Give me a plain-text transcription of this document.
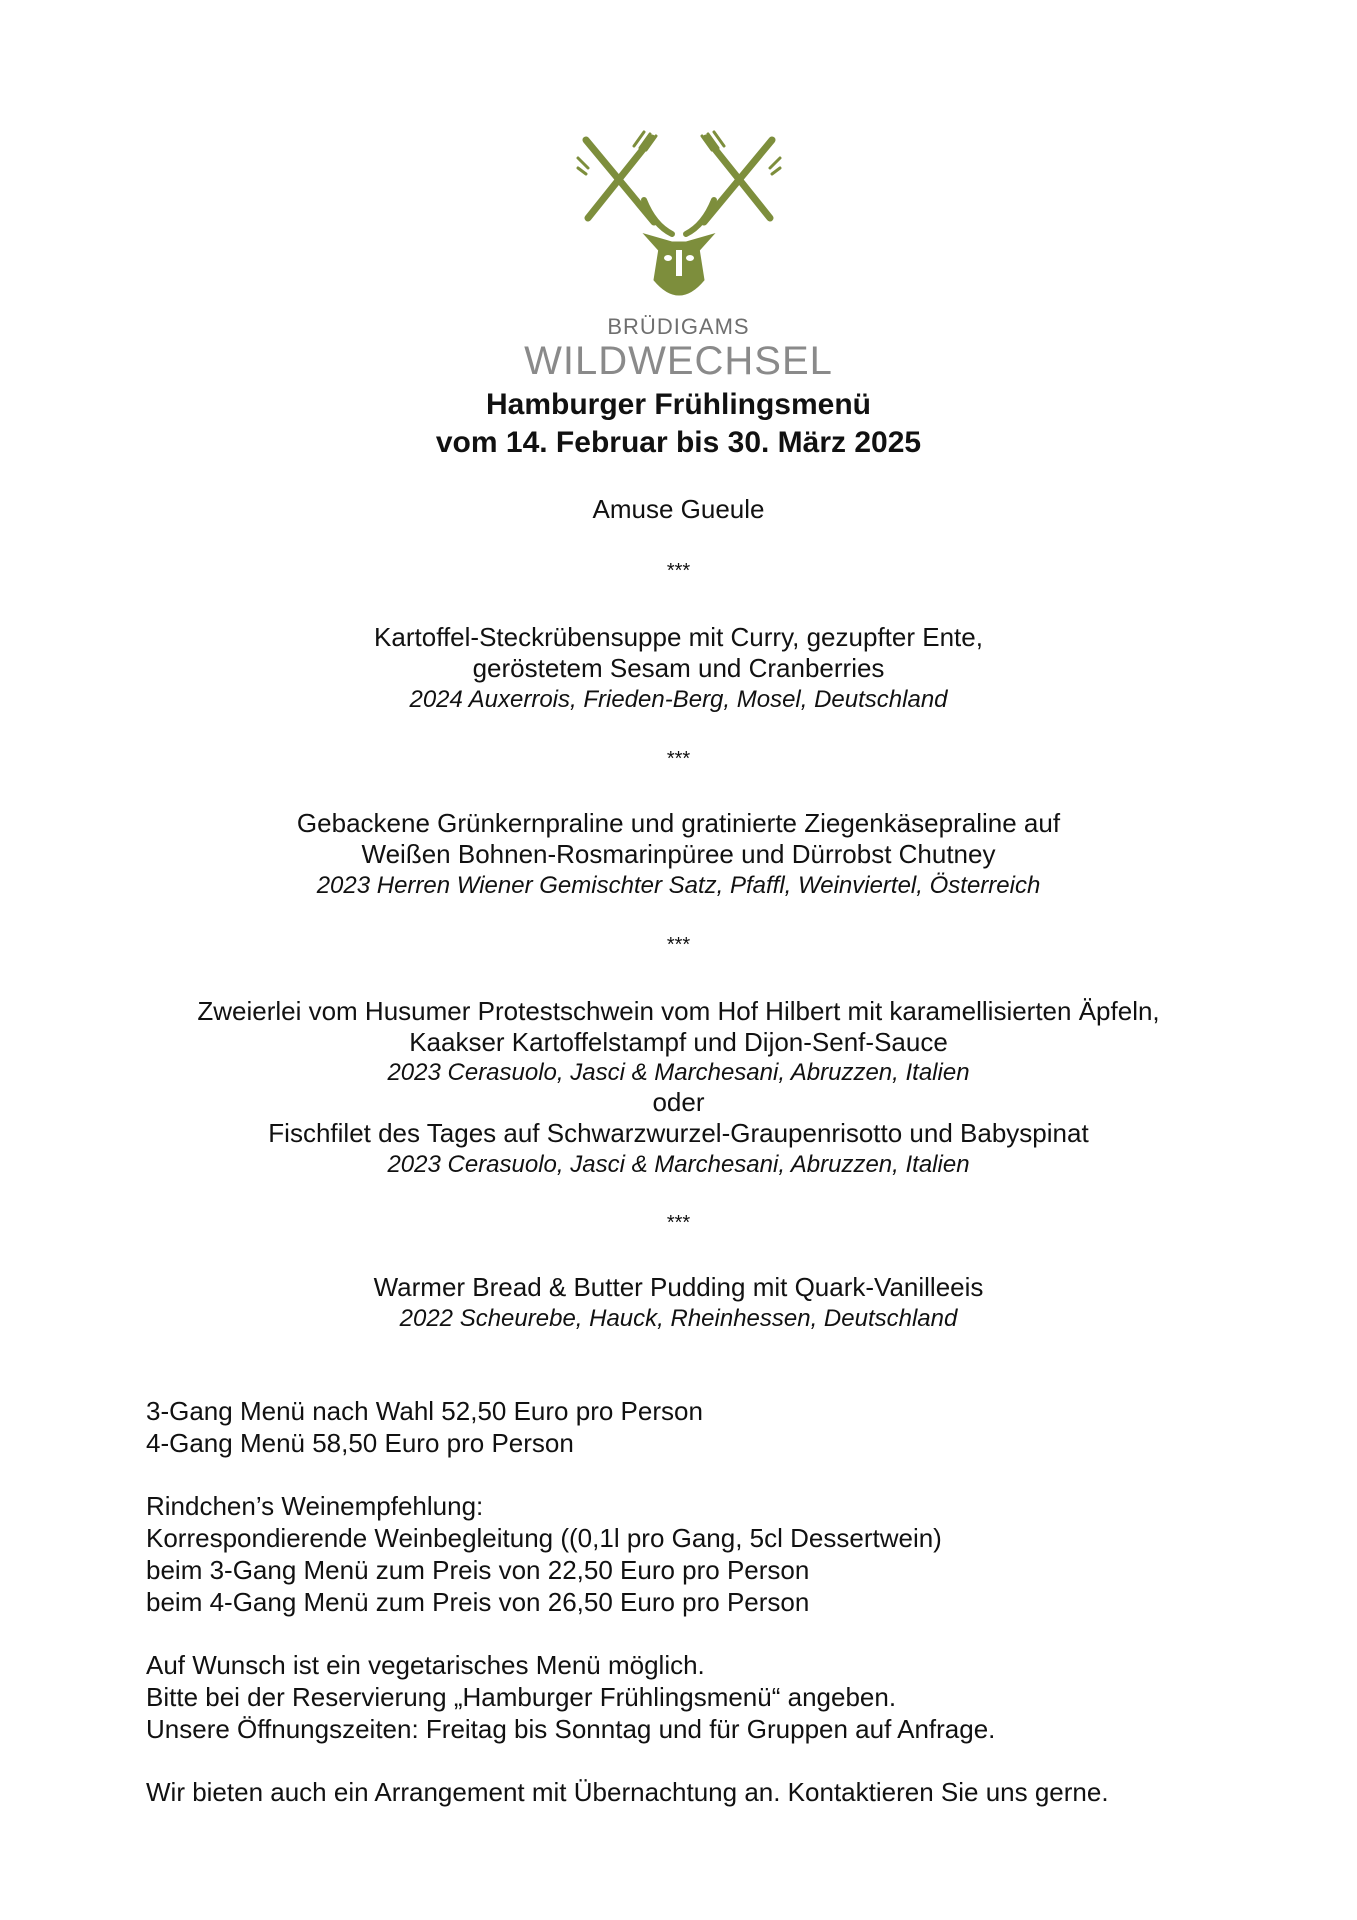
BRÜDIGAMS
WILDWECHSEL
Hamburger Frühlingsmenü
vom 14. Februar bis 30. März 2025
Amuse Gueule
***
Kartoffel-Steckrübensuppe mit Curry, gezupfter Ente,
geröstetem Sesam und Cranberries
2024 Auxerrois, Frieden-Berg, Mosel, Deutschland
***
Gebackene Grünkernpraline und gratinierte Ziegenkäsepraline auf
Weißen Bohnen-Rosmarinpüree und Dürrobst Chutney
2023 Herren Wiener Gemischter Satz, Pfaffl, Weinviertel, Österreich
***
Zweierlei vom Husumer Protestschwein vom Hof Hilbert mit karamellisierten Äpfeln,
Kaakser Kartoffelstampf und Dijon-Senf-Sauce
2023 Cerasuolo, Jasci & Marchesani, Abruzzen, Italien
oder
Fischfilet des Tages auf Schwarzwurzel-Graupenrisotto und Babyspinat
2023 Cerasuolo, Jasci & Marchesani, Abruzzen, Italien
***
Warmer Bread & Butter Pudding mit Quark-Vanilleeis
2022 Scheurebe, Hauck, Rheinhessen, Deutschland
3-Gang Menü nach Wahl 52,50 Euro pro Person
4-Gang Menü 58,50 Euro pro Person
Rindchen’s Weinempfehlung:
Korrespondierende Weinbegleitung ((0,1l pro Gang, 5cl Dessertwein)
beim 3-Gang Menü zum Preis von 22,50 Euro pro Person
beim 4-Gang Menü zum Preis von 26,50 Euro pro Person
Auf Wunsch ist ein vegetarisches Menü möglich.
Bitte bei der Reservierung „Hamburger Frühlingsmenü“ angeben.
Unsere Öffnungszeiten: Freitag bis Sonntag und für Gruppen auf Anfrage.
Wir bieten auch ein Arrangement mit Übernachtung an. Kontaktieren Sie uns gerne.
